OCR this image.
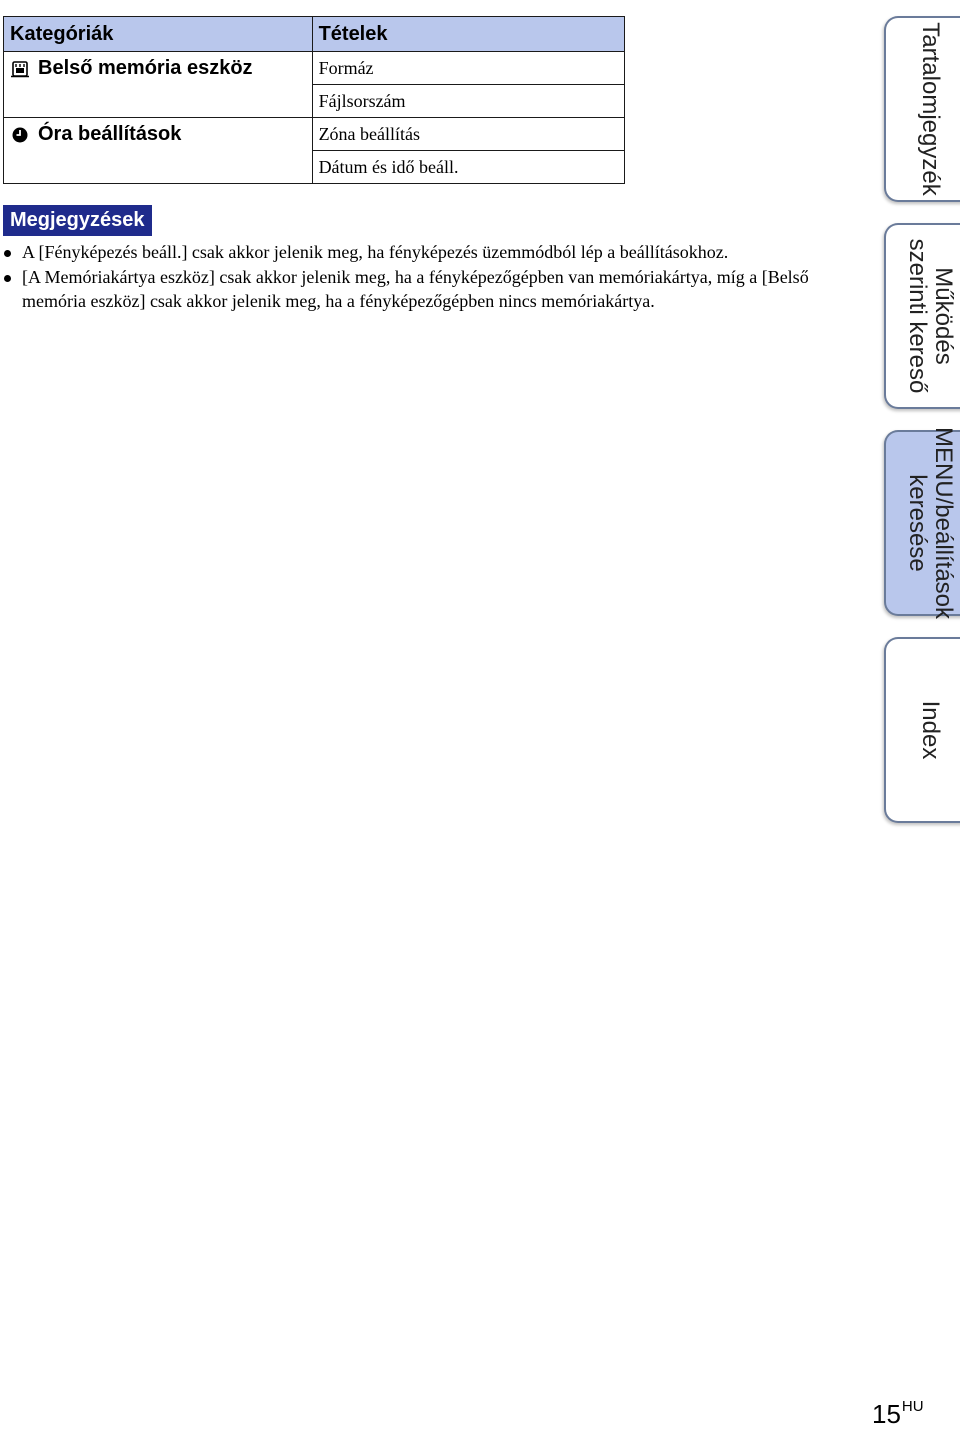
Kategóriák	Tételek

Belső memória eszköz	Formáz
	Fájlsorszám

Óra beállítások	Zóna beállítás
	Dátum és idő beáll.
Megjegyzések
A [Fényképezés beáll.] csak akkor jelenik meg, ha fényképezés üzemmódból lép a beállításokhoz.
[A Memóriakártya eszköz] csak akkor jelenik meg, ha a fényképezőgépben van memóriakártya, míg a [Belső memória eszköz] csak akkor jelenik meg, ha a fényképezőgépben nincs memóriakártya.
Tartalomjegyzék
Működés
szerinti kereső
MENU/beállítások
keresése
Index
$15^{HU}$
